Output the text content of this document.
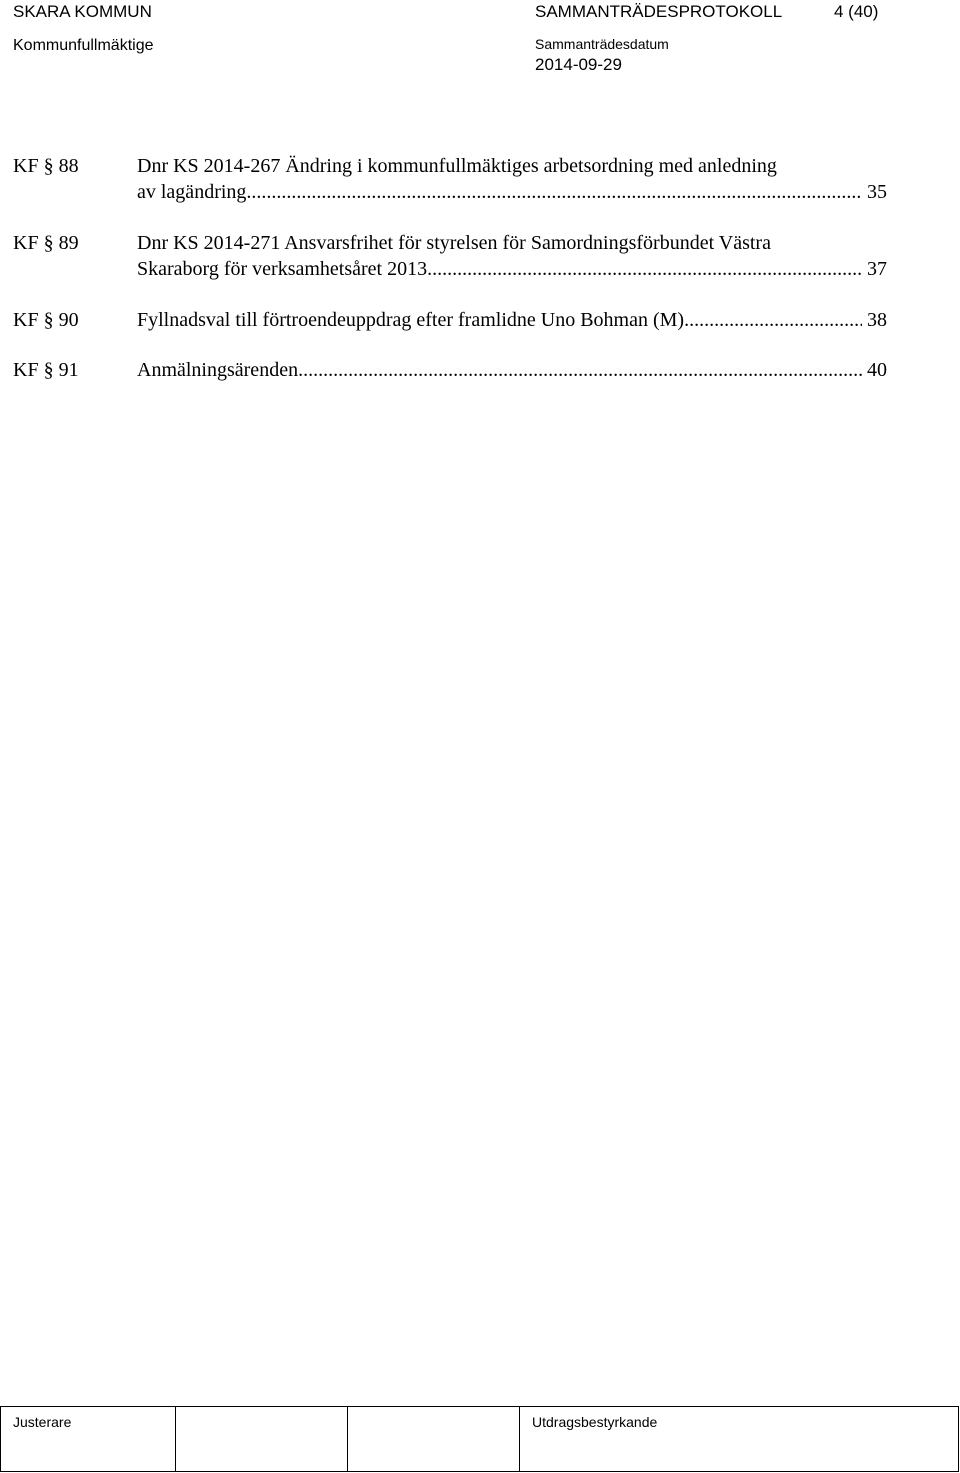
SKARA KOMMUN	SAMMANTRÄDESPROTOKOLL	4 (40)
Kommunfullmäktige	Sammanträdesdatum
2014-09-29
KF § 88	Dnr KS 2014-267 Ändring i kommunfullmäktiges arbetsordning med anledning
av lagändring .....	35
KF § 89	Dnr KS 2014-271 Ansvarsfrihet för styrelsen för Samordningsförbundet Västra
Skaraborg för verksamhetsåret 2013 .....	37
KF § 90	Fyllnadsval till förtroendeuppdrag efter framlidne Uno Bohman (M) .....	38
KF § 91	Anmälningsärenden .....	40
Justerare	Utdragsbestyrkande
